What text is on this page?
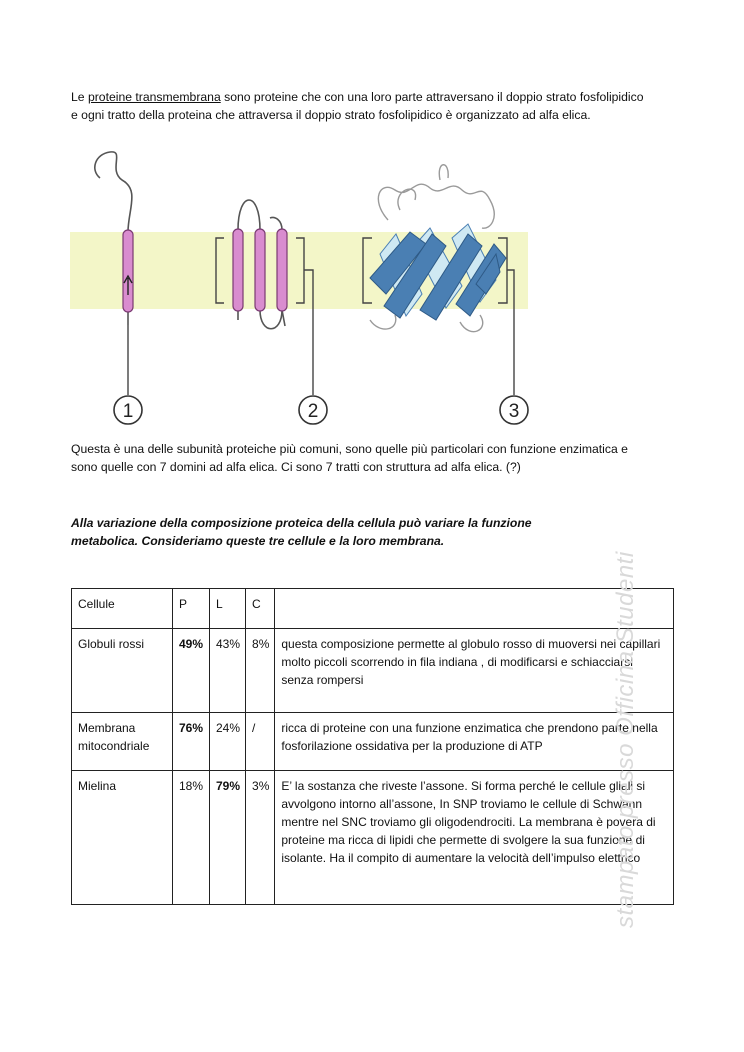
Le proteine transmembrana sono proteine che con una loro parte attraversano il doppio strato fosfolipidico
e ogni tratto della proteina che attraversa il doppio strato fosfolipidico è organizzato ad alfa elica.
1	2	3
Questa è una delle subunità proteiche più comuni, sono quelle più particolari con funzione enzimatica e
sono quelle con 7 domini ad alfa elica. Ci sono 7 tratti con struttura ad alfa elica. (?)
Alla variazione della composizione proteica della cellula può variare la funzione
metabolica. Consideriamo queste tre cellule e la loro membrana.
Cellule	P	L	C	
Globuli rossi	49%	43%	8%	questa composizione permette al globulo rosso di muoversi nei capillari molto piccoli scorrendo in fila indiana , di modificarsi e schiacciarsi senza rompersi
Membrana mitocondriale	76%	24%	/	ricca di proteine con una funzione enzimatica che prendono parte nella fosforilazione ossidativa per la produzione di ATP
Mielina	18%	79%	3%	E’ la sostanza che riveste l’assone. Si forma perché le cellule gliali si avvolgono intorno all’assone, In SNP troviamo le cellule di Schwann mentre nel SNC troviamo gli oligodendrociti. La membrana è povera di proteine ma ricca di lipidi che permette di svolgere la sua funzione di isolante. Ha il compito di aumentare la velocità dell’impulso elettrico
stampato presso Officina Studenti
